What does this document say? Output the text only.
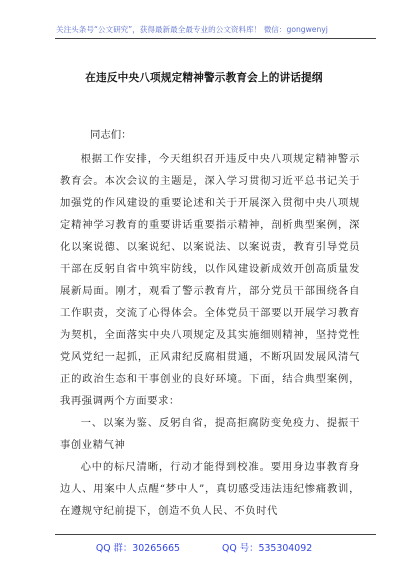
关注头条号“公文研究”，获得最新最全最专业的公文资料库！ 微信：gongwenyj
在违反中央八项规定精神警示教育会上的讲话提纲
同志们：

根据工作安排，今天组织召开违反中央八项规定精神警示教育会。本次会议的主题是，深入学习贯彻习近平总书记关于加强党的作风建设的重要论述和关于开展深入贯彻中央八项规定精神学习教育的重要讲话重要指示精神，剖析典型案例，深化以案说德、以案说纪、以案说法、以案说责，教育引导党员干部在反躬自省中筑牢防线，以作风建设新成效开创高质量发展新局面。刚才，观看了警示教育片，部分党员干部围绕各自工作职责，交流了心得体会。全体党员干部要以开展学习教育为契机，全面落实中央八项规定及其实施细则精神，坚持党性党风党纪一起抓，正风肃纪反腐相贯通，不断巩固发展风清气正的政治生态和干事创业的良好环境。下面，结合典型案例，我再强调两个方面要求：

一、以案为鉴、反躬自省，提高拒腐防变免疫力、提振干事创业精气神

心中的标尺清晰，行动才能得到校准。要用身边事教育身边人、用案中人点醒“梦中人”，真切感受违法违纪惨痛教训，在遵规守纪前提下，创造不负人民、不负时代

QQ 群：30265665	QQ 号：535304092
